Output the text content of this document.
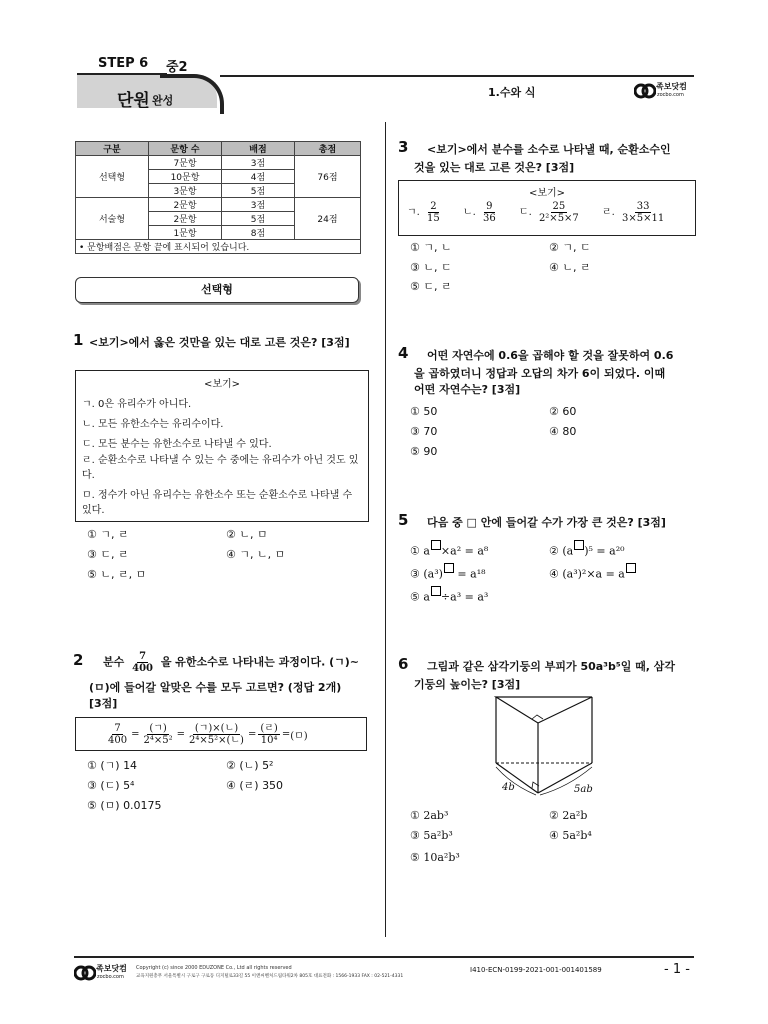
STEP 6 중2
단원 완성
1.수와 식	족보닷컴
zocbo.com
구분	문항 수	배점	총점
선택형	7문항	3점	76점
	10문항	4점	
	3문항	5점	
서술형	2문항	3점	24점
	2문항	5점	
	1문항	8점	
• 문항배점은 문항 끝에 표시되어 있습니다.			
선택형
1 <보기>에서 옳은 것만을 있는 대로 고른 것은? [3점]
<보기>
ㄱ. 0은 유리수가 아니다.
ㄴ. 모든 유한소수는 유리수이다.
ㄷ. 모든 분수는 유한소수로 나타낼 수 있다.
ㄹ. 순환소수로 나타낼 수 있는 수 중에는 유리수가 아닌 것도 있다.
ㅁ. 정수가 아닌 유리수는 유한소수 또는 순환소수로 나타낼 수 있다.
① ㄱ, ㄹ	② ㄴ, ㅁ
③ ㄷ, ㄹ	④ ㄱ, ㄴ, ㅁ
⑤ ㄴ, ㄹ, ㅁ
2 분수 $\frac{7}{400}$ 을 유한소수로 나타내는 과정이다. (ㄱ)~
(ㅁ)에 들어갈 알맞은 수를 모두 고르면? (정답 2개)
[3점]
$\frac{7}{400} = \frac{\text{(ㄱ)}}{\text{2⁴×5²}} = \frac{\text{(ㄱ)×(ㄴ)}}{\text{2⁴×5²×(ㄴ)}} = \frac{\text{(ㄹ)}}{\text{10⁴}}$ = (ㅁ)
① (ㄱ) 14	② (ㄴ) 5²
③ (ㄷ) 5⁴	④ (ㄹ) 350
⑤ (ㅁ) 0.0175
3 <보기>에서 분수를 소수로 나타낼 때, 순환소수인
것을 있는 대로 고른 것은? [3점]
<보기>
ㄱ. $\frac{2}{15}$ ㄴ. $\frac{9}{36}$ ㄷ. $\frac{25}{\text{2²×5×7}}$ ㄹ. $\frac{33}{3\times 5\times 11}$
① ㄱ, ㄴ	② ㄱ, ㄷ
③ ㄴ, ㄷ	④ ㄴ, ㄹ
⑤ ㄷ, ㄹ
4 어떤 자연수에 0.6̇을 곱해야 할 것을 잘못하여 0.6
을 곱하였더니 정답과 오답의 차가 6이 되었다. 이때
어떤 자연수는? [3점]
① 50	② 60
③ 70	④ 80
⑤ 90
5 다음 중 □ 안에 들어갈 수가 가장 큰 것은? [3점]
① a ×a² = a⁸	② (a )⁵ = a²⁰
③ (a³) = a¹⁸	④ (a³)²×a = a
⑤ a ÷a³ = a³
6 그림과 같은 삼각기둥의 부피가 50a³b⁵일 때, 삼각
기둥의 높이는? [3점]
4b	5ab
① 2ab³	② 2a²b
③ 5a²b³	④ 5a²b⁴
⑤ 10a²b³
족보닷컴
zocbo.com
Copyright (c) since 2000 EDUZONE Co., Ltd all rights reserved
교육지원총무 서울특별시 구로구 구로동 디지털로33길 55 이앤씨벤처드림타워2차 805호 대표전화 : 1566-1933 FAX : 02-521-4331
I410-ECN-0199-2021-001-001401589	- 1 -
